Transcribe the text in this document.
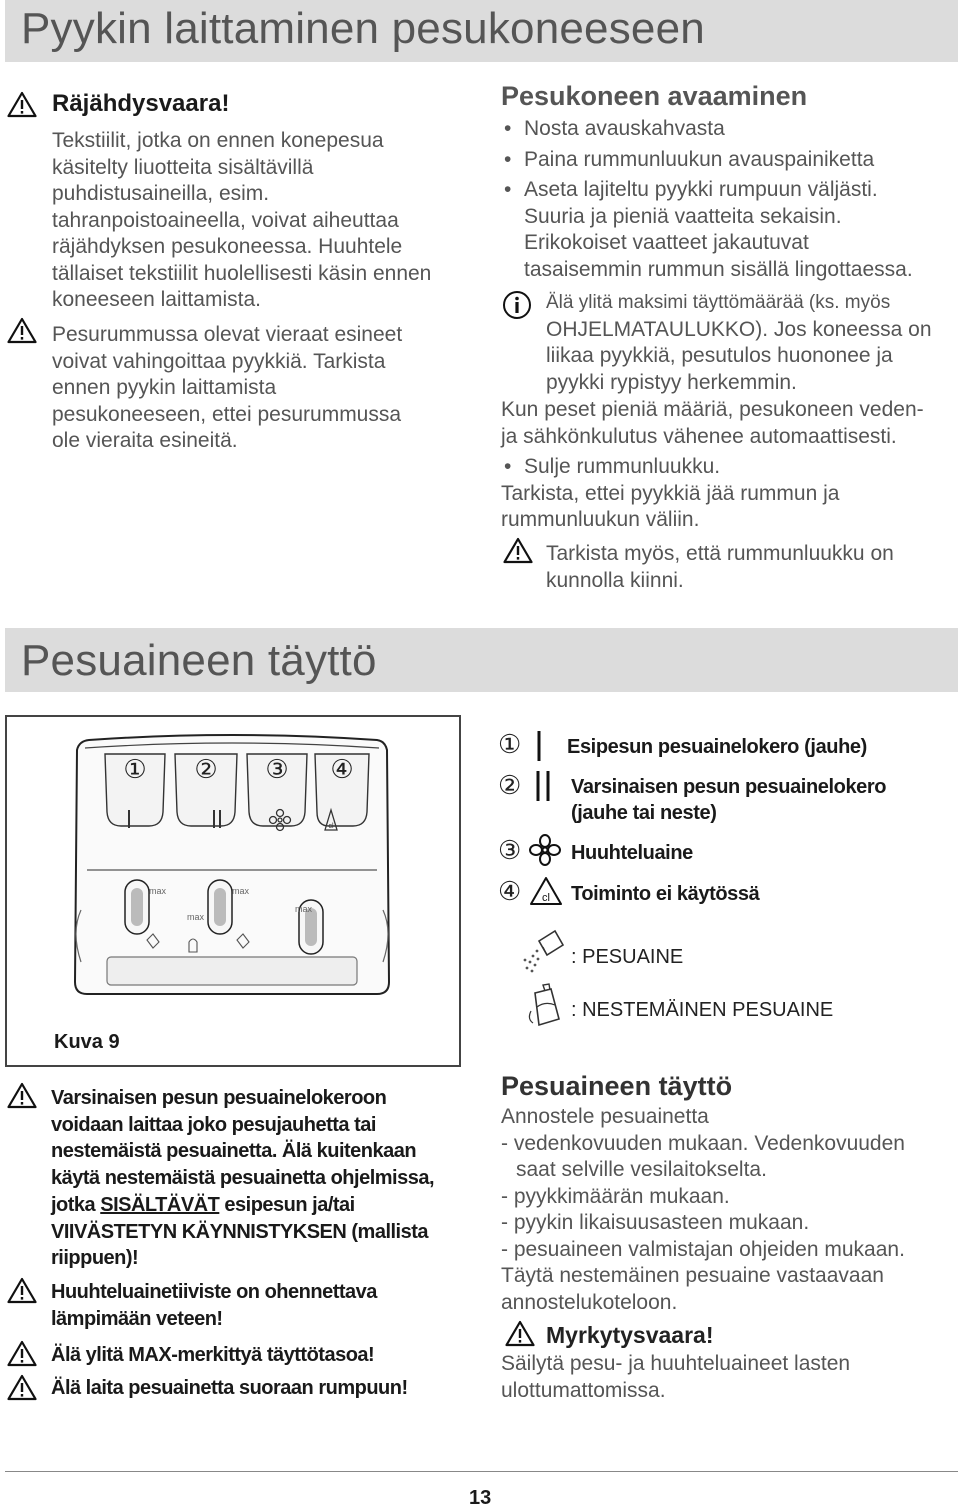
Pyykin laittaminen pesukoneeseen
Räjähdysvaara!
Tekstiilit, jotka on ennen konepesua
käsitelty liuotteita sisältävillä
puhdistusaineilla, esim.
tahranpoistoaineella, voivat aiheuttaa
räjähdyksen pesukoneessa. Huuhtele
tällaiset tekstiilit huolellisesti käsin ennen
koneeseen laittamista.
Pesurummussa olevat vieraat esineet
voivat vahingoittaa pyykkiä. Tarkista
ennen pyykin laittamista
pesukoneeseen, ettei pesurummussa
ole vieraita esineitä.
Pesukoneen avaaminen
• Nosta avauskahvasta
• Paina rummunluukun avauspainiketta
• Aseta lajiteltu pyykki rumpuun väljästi.
Suuria ja pieniä vaatteita sekaisin.
Erikokoiset vaatteet jakautuvat
tasaisemmin rummun sisällä lingottaessa.
Älä ylitä maksimi täyttömäärää (ks. myös
OHJELMATAULUKKO). Jos koneessa on
liikaa pyykkiä, pesutulos huononee ja
pyykki rypistyy herkemmin.
Kun peset pieniä määriä, pesukoneen veden-
ja sähkönkulutus vähenee automaattisesti.
• Sulje rummunluukku.
Tarkista, ettei pyykkiä jää rummun ja
rummunluukun väliin.
Tarkista myös, että rummunluukku on
kunnolla kiinni.
Pesuaineen täyttö
① ② ③ ④
cl
max	max
max
max
Kuva 9
① Esipesun pesuainelokero (jauhe)
② Varsinaisen pesun pesuainelokero
(jauhe tai neste)
③ Huuhteluaine
④ cl Toiminto ei käytössä
: PESUAINE
: NESTEMÄINEN PESUAINE
Varsinaisen pesun pesuainelokeroon
voidaan laittaa joko pesujauhetta tai
nestemäistä pesuainetta. Älä kuitenkaan
käytä nestemäistä pesuainetta ohjelmissa,
jotka SISÄLTÄVÄT esipesun ja/tai
VIIVÄSTETYN KÄYNNISTYKSEN (mallista
riippuen)!
Huuhteluainetiiviste on ohennettava
lämpimään veteen!
Älä ylitä MAX-merkittyä täyttötasoa!
Älä laita pesuainetta suoraan rumpuun!
Pesuaineen täyttö
Annostele pesuainetta
- vedenkovuuden mukaan. Vedenkovuuden
saat selville vesilaitokselta.
- pyykkimäärän mukaan.
- pyykin likaisuusasteen mukaan.
- pesuaineen valmistajan ohjeiden mukaan.
Täytä nestemäinen pesuaine vastaavaan
annostelukoteloon.
Myrkytysvaara!
Säilytä pesu- ja huuhteluaineet lasten
ulottumattomissa.
13
